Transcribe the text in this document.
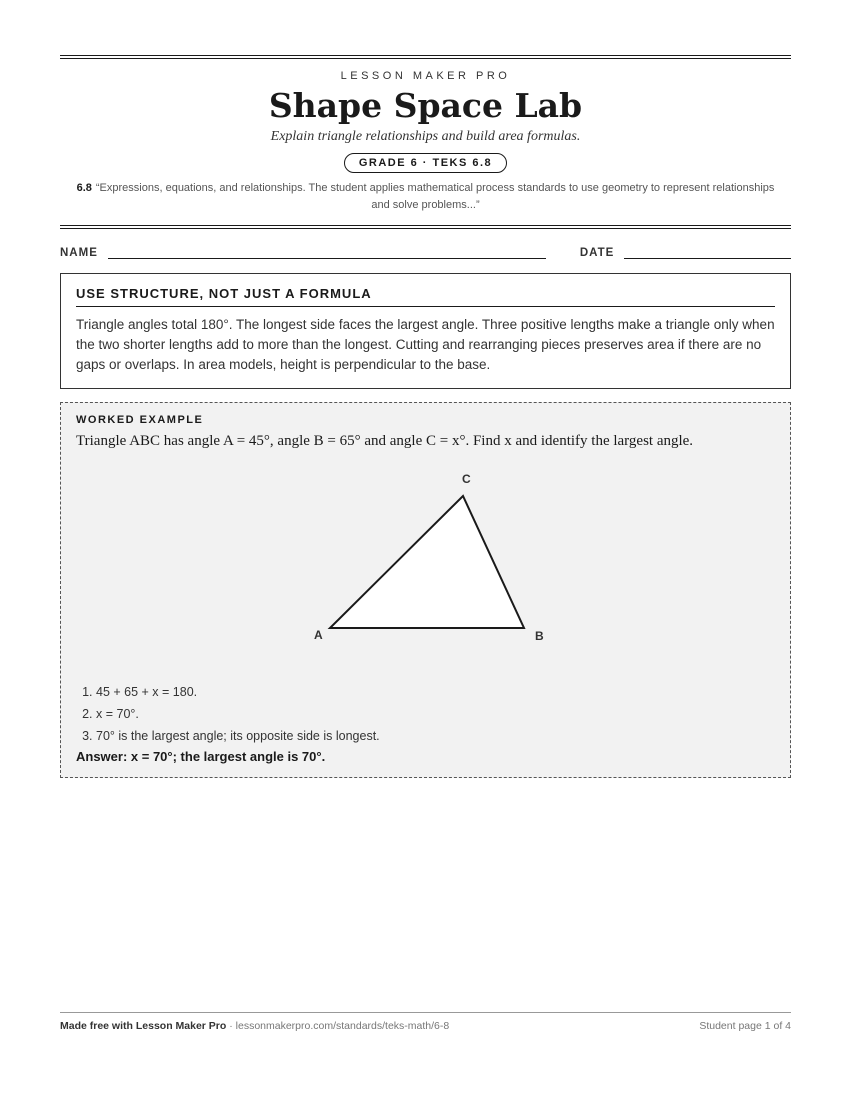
LESSON MAKER PRO
Shape Space Lab
Explain triangle relationships and build area formulas.
GRADE 6 · TEKS 6.8
6.8 “Expressions, equations, and relationships. The student applies mathematical process standards to use geometry to represent relationships and solve problems...”
NAME	DATE
USE STRUCTURE, NOT JUST A FORMULA
Triangle angles total 180°. The longest side faces the largest angle. Three positive lengths make a triangle only when the two shorter lengths add to more than the longest. Cutting and rearranging pieces preserves area if there are no gaps or overlaps. In area models, height is perpendicular to the base.
WORKED EXAMPLE
Triangle ABC has angle A = 45°, angle B = 65° and angle C = x°. Find x and identify the largest angle.
A	B
C
1. 45 + 65 + x = 180.
2. x = 70°.
3. 70° is the largest angle; its opposite side is longest.
Answer: x = 70°; the largest angle is 70°.
Made free with Lesson Maker Pro · lessonmakerpro.com/standards/teks-math/6-8	Student page 1 of 4
